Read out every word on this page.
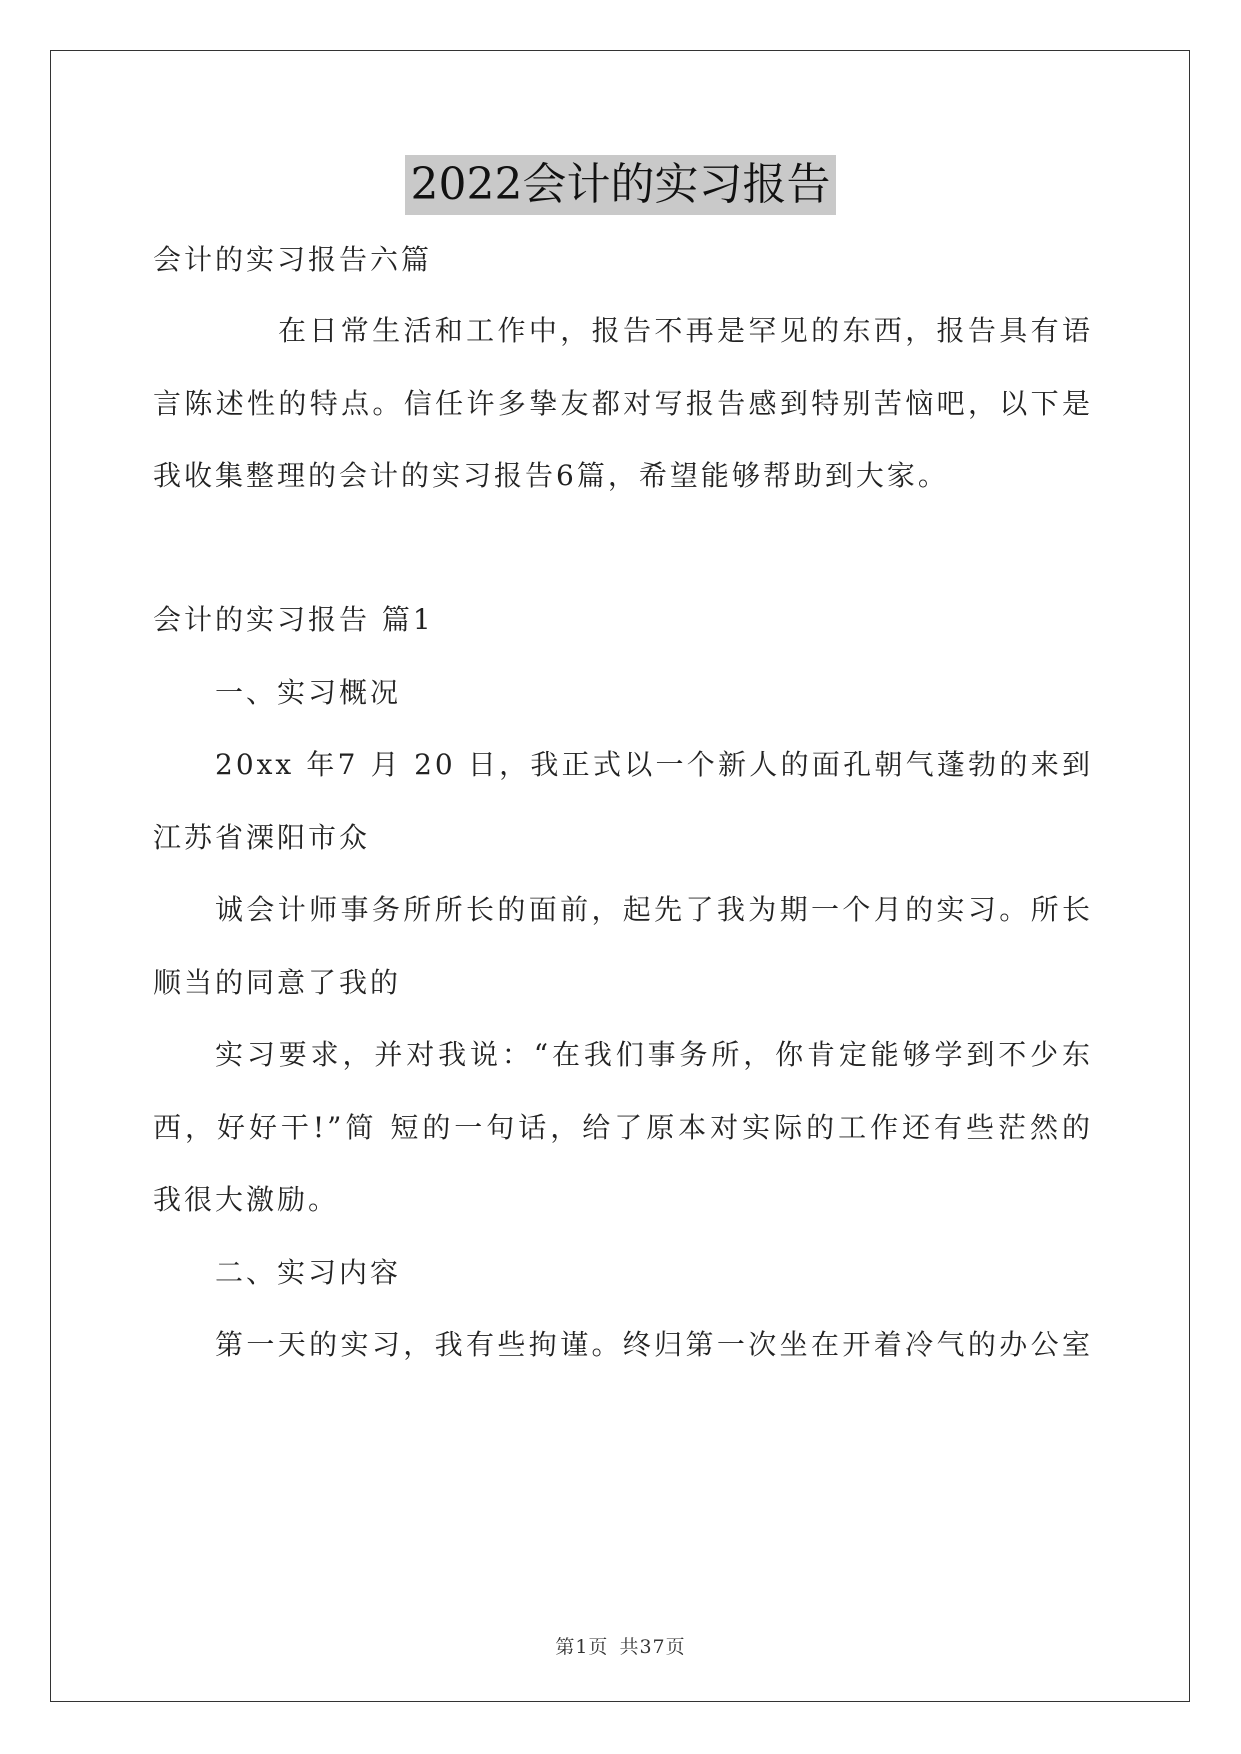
2022会计的实习报告
会计的实习报告六篇
在日常生活和工作中，报告不再是罕见的东西，报告具有语
言陈述性的特点。信任许多挚友都对写报告感到特别苦恼吧，以下是
我收集整理的会计的实习报告6篇，希望能够帮助到大家。
会计的实习报告 篇1
一、实习概况
20xx 年7 月 20 日，我正式以一个新人的面孔朝气蓬勃的来到
江苏省溧阳市众
诚会计师事务所所长的面前，起先了我为期一个月的实习。所长
顺当的同意了我的
实习要求，并对我说：“在我们事务所，你肯定能够学到不少东
西，好好干!”简 短的一句话，给了原本对实际的工作还有些茫然的
我很大激励。
二、实习内容
第一天的实习，我有些拘谨。终归第一次坐在开着冷气的办公室
第1页 共37页
